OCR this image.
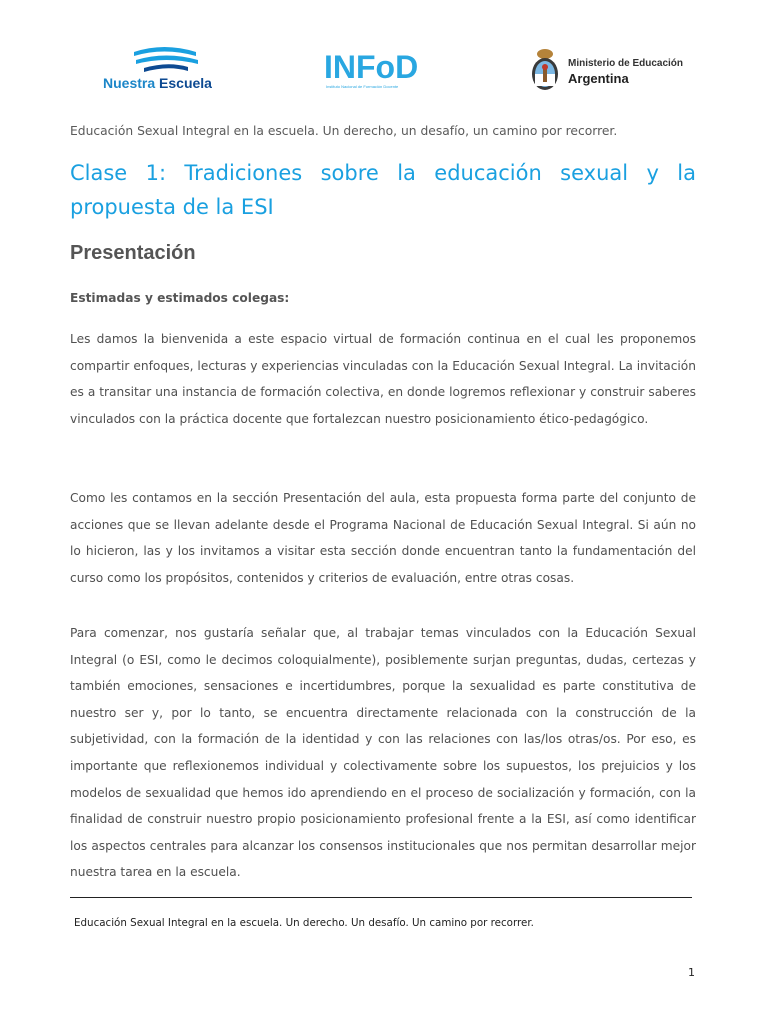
Nuestra Escuela	INFoD
Instituto Nacional de Formación Docente
Ministerio de Educación
Argentina
Educación Sexual Integral en la escuela. Un derecho, un desafío, un camino por recorrer.
Clase 1: Tradiciones sobre la educación sexual y la propuesta de la ESI
Presentación
Estimadas y estimados colegas:

Les damos la bienvenida a este espacio virtual de formación continua en el cual les proponemos compartir enfoques, lecturas y experiencias vinculadas con la Educación Sexual Integral. La invitación es a transitar una instancia de formación colectiva, en donde logremos reflexionar y construir saberes vinculados con la práctica docente que fortalezcan nuestro posicionamiento ético-pedagógico.

Como les contamos en la sección Presentación del aula, esta propuesta forma parte del conjunto de acciones que se llevan adelante desde el Programa Nacional de Educación Sexual Integral. Si aún no lo hicieron, las y los invitamos a visitar esta sección donde encuentran tanto la fundamentación del curso como los propósitos, contenidos y criterios de evaluación, entre otras cosas.

Para comenzar, nos gustaría señalar que, al trabajar temas vinculados con la Educación Sexual Integral (o ESI, como le decimos coloquialmente), posiblemente surjan preguntas, dudas, certezas y también emociones, sensaciones e incertidumbres, porque la sexualidad es parte constitutiva de nuestro ser y, por lo tanto, se encuentra directamente relacionada con la construcción de la subjetividad, con la formación de la identidad y con las relaciones con las/los otras/os. Por eso, es importante que reflexionemos individual y colectivamente sobre los supuestos, los prejuicios y los modelos de sexualidad que hemos ido aprendiendo en el proceso de socialización y formación, con la finalidad de construir nuestro propio posicionamiento profesional frente a la ESI, así como identificar los aspectos centrales para alcanzar los consensos institucionales que nos permitan desarrollar mejor nuestra tarea en la escuela.

Educación Sexual Integral en la escuela. Un derecho. Un desafío. Un camino por recorrer.
1
